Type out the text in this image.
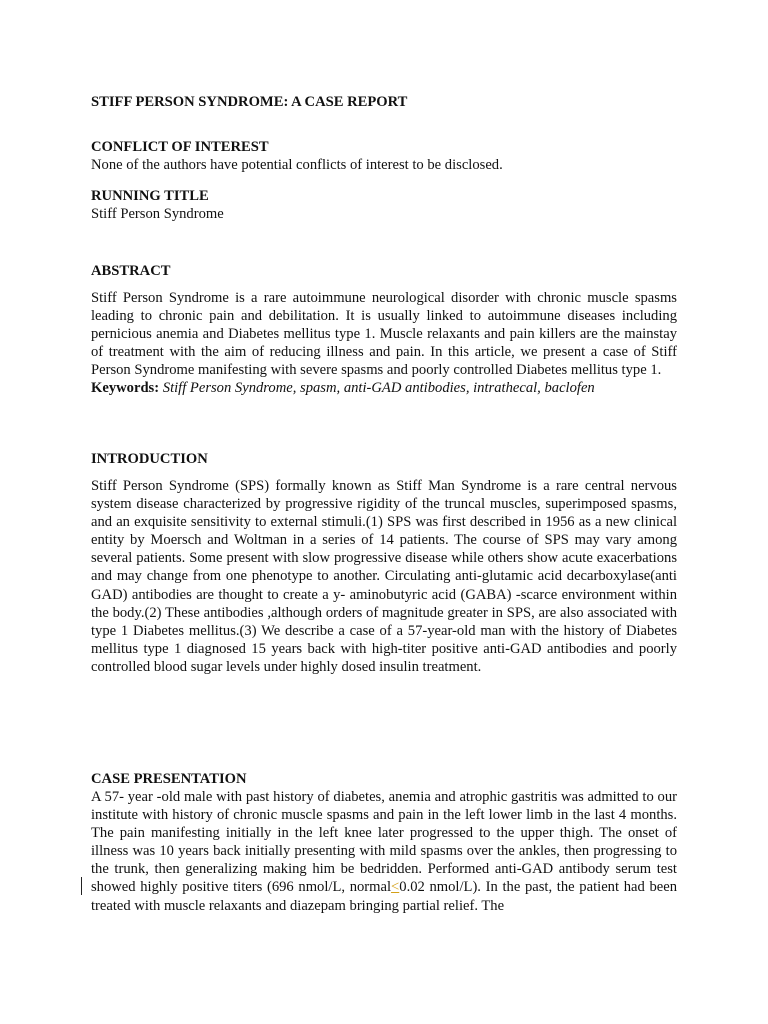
STIFF PERSON SYNDROME: A CASE REPORT

CONFLICT OF INTEREST

None of the authors have potential conflicts of interest to be disclosed.

RUNNING TITLE

Stiff Person Syndrome

ABSTRACT

Stiff Person Syndrome is a rare autoimmune neurological disorder with chronic muscle spasms leading to chronic pain and debilitation. It is usually linked to autoimmune diseases including pernicious anemia and Diabetes mellitus type 1. Muscle relaxants and pain killers are the mainstay of treatment with the aim of reducing illness and pain. In this article, we present a case of Stiff Person Syndrome manifesting with severe spasms and poorly controlled Diabetes mellitus type 1.

Keywords: Stiff Person Syndrome, spasm, anti-GAD antibodies, intrathecal, baclofen

INTRODUCTION

Stiff Person Syndrome (SPS) formally known as Stiff Man Syndrome is a rare central nervous system disease characterized by progressive rigidity of the truncal muscles, superimposed spasms, and an exquisite sensitivity to external stimuli.(1) SPS was first described in 1956 as a new clinical entity by Moersch and Woltman in a series of 14 patients. The course of SPS may vary among several patients. Some present with slow progressive disease while others show acute exacerbations and may change from one phenotype to another. Circulating anti-glutamic acid decarboxylase(anti GAD) antibodies are thought to create a y- aminobutyric acid (GABA) -scarce environment within the body.(2) These antibodies ,although orders of magnitude greater in SPS, are also associated with type 1 Diabetes mellitus.(3) We describe a case of a 57-year-old man with the history of Diabetes mellitus type 1 diagnosed 15 years back with high-titer positive anti-GAD antibodies and poorly controlled blood sugar levels under highly dosed insulin treatment.

CASE PRESENTATION

A 57- year -old male with past history of diabetes, anemia and atrophic gastritis was admitted to our institute with history of chronic muscle spasms and pain in the left lower limb in the last 4 months. The pain manifesting initially in the left knee later progressed to the upper thigh. The onset of illness was 10 years back initially presenting with mild spasms over the ankles, then progressing to the trunk, then generalizing making him be bedridden. Performed anti-GAD antibody serum test showed highly positive titers (696 nmol/L, normal<0.02 nmol/L). In the past, the patient had been treated with muscle relaxants and diazepam bringing partial relief. The
